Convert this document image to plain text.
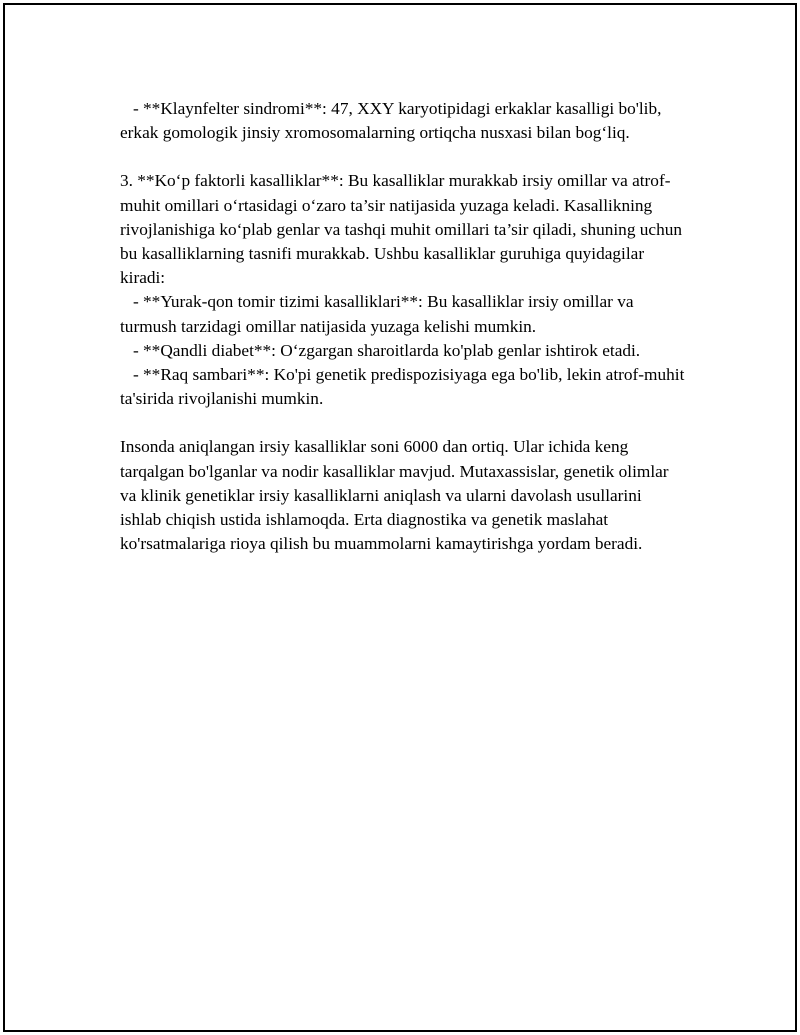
- **Klaynfelter sindromi**: 47, XXY karyotipidagi erkaklar kasalligi bo'lib, erkak gomologik jinsiy xromosomalarning ortiqcha nusxasi bilan bog‘liq.

3. **Ko‘p faktorli kasalliklar**: Bu kasalliklar murakkab irsiy omillar va atrof-muhit omillari o‘rtasidagi o‘zaro ta’sir natijasida yuzaga keladi. Kasallikning rivojlanishiga ko‘plab genlar va tashqi muhit omillari ta’sir qiladi, shuning uchun bu kasalliklarning tasnifi murakkab. Ushbu kasalliklar guruhiga quyidagilar kiradi:

- **Yurak-qon tomir tizimi kasalliklari**: Bu kasalliklar irsiy omillar va turmush tarzidagi omillar natijasida yuzaga kelishi mumkin.

- **Qandli diabet**: O‘zgargan sharoitlarda ko'plab genlar ishtirok etadi.

- **Raq sambari**: Ko'pi genetik predispozisiyaga ega bo'lib, lekin atrof-muhit ta'sirida rivojlanishi mumkin.

Insonda aniqlangan irsiy kasalliklar soni 6000 dan ortiq. Ular ichida keng tarqalgan bo'lganlar va nodir kasalliklar mavjud. Mutaxassislar, genetik olimlar va klinik genetiklar irsiy kasalliklarni aniqlash va ularni davolash usullarini ishlab chiqish ustida ishlamoqda. Erta diagnostika va genetik maslahat ko'rsatmalariga rioya qilish bu muammolarni kamaytirishga yordam beradi.
